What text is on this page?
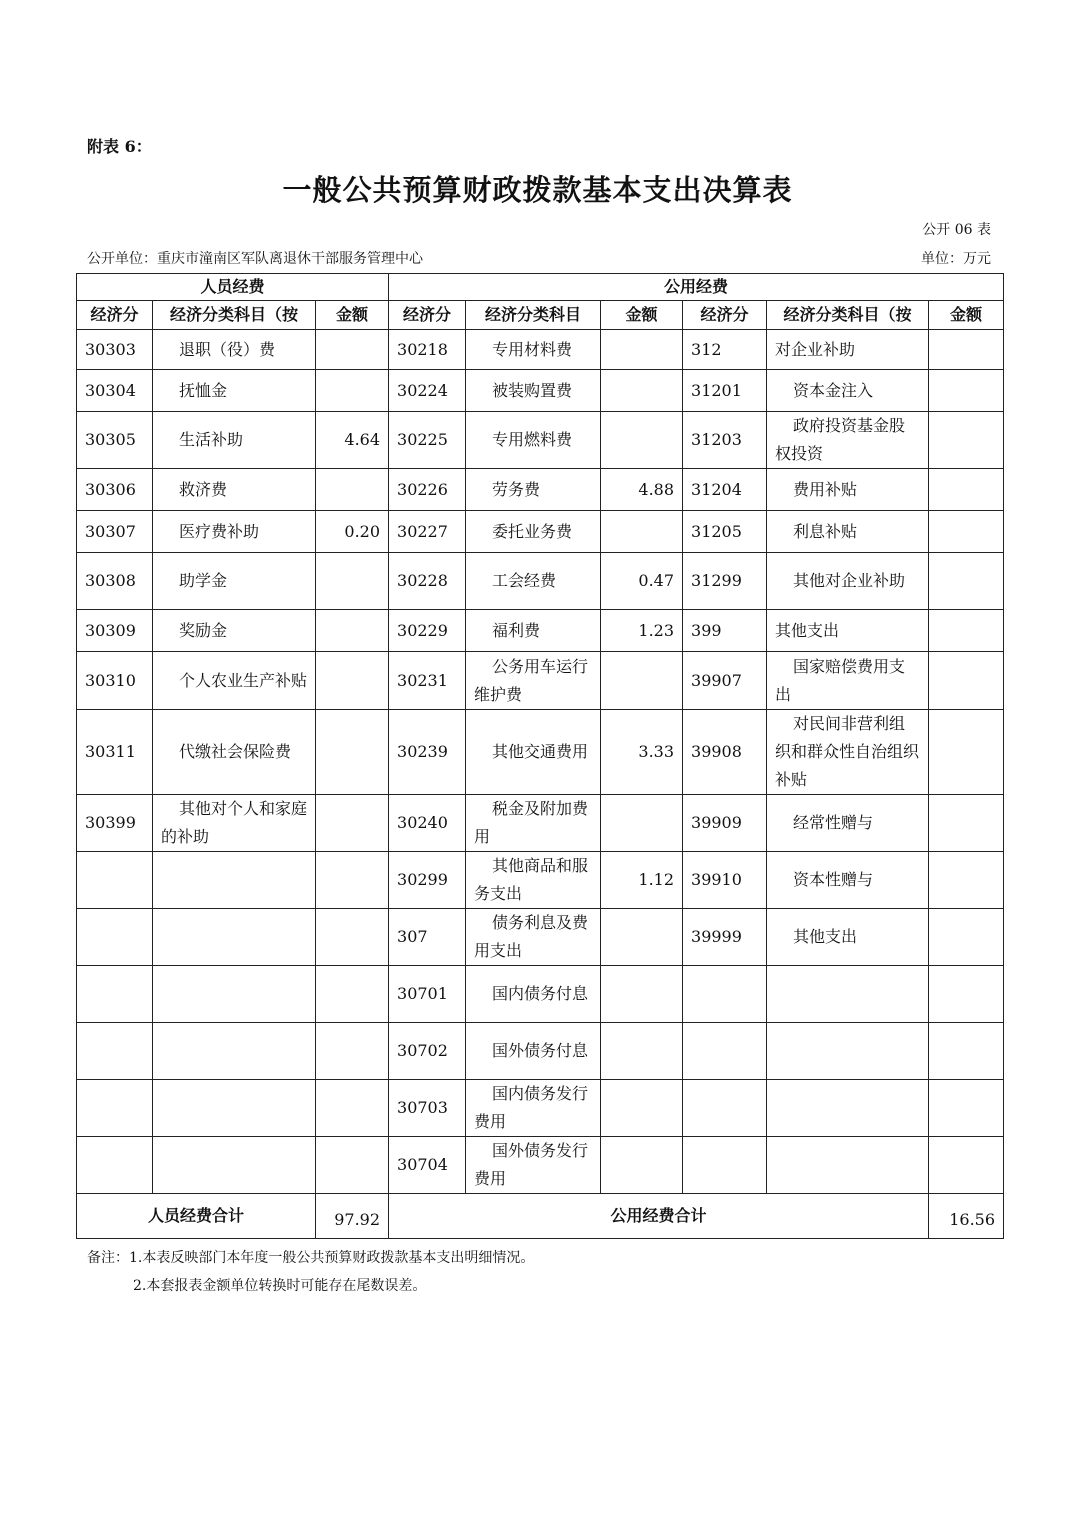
附表 6：
一般公共预算财政拨款基本支出决算表
公开 06 表
公开单位：重庆市潼南区军队离退休干部服务管理中心	单位：万元
人员经费			公用经费					
经济分	经济分类科目（按	金额	经济分	经济分类科目	金额	经济分	经济分类科目（按	金额
30303	退职（役）费		30218	专用材料费		312	对企业补助	
30304	抚恤金		30224	被装购置费		31201	资本金注入	
30305	生活补助	4.64	30225	专用燃料费		31203	政府投资基金股权投资	
30306	救济费		30226	劳务费	4.88	31204	费用补贴	
30307	医疗费补助	0.20	30227	委托业务费		31205	利息补贴	
30308	助学金		30228	工会经费	0.47	31299	其他对企业补助	
30309	奖励金		30229	福利费	1.23	399	其他支出	
30310	个人农业生产补贴		30231	公务用车运行维护费		39907	国家赔偿费用支出	
30311	代缴社会保险费		30239	其他交通费用	3.33	39908	对民间非营利组织和群众性自治组织补贴	
30399	其他对个人和家庭的补助		30240	税金及附加费用		39909	经常性赠与	
			30299	其他商品和服务支出	1.12	39910	资本性赠与	
			307	债务利息及费用支出		39999	其他支出	
			30701	国内债务付息				
			30702	国外债务付息				
			30703	国内债务发行费用				
			30704	国外债务发行费用				
人员经费合计		97.92	公用经费合计					16.56
备注：1.本表反映部门本年度一般公共预算财政拨款基本支出明细情况。
2.本套报表金额单位转换时可能存在尾数误差。
